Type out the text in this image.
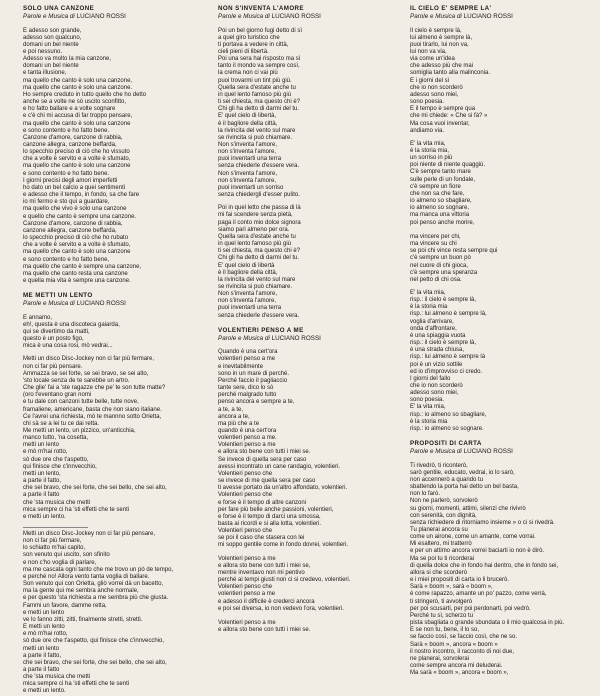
SOLO UNA CANZONE
Parole e Musica di LUCIANO ROSSI
E adesso son grande,
adesso son qualcuno,
domani un bel niente
e poi nessuno.
Adesso va molto la mia canzone,
domani un bel niente
e tanta illusione,
ma quello che canto è solo una canzone,
ma quello che canto è solo una canzone.
Ho sempre creduto in tutto quello che ho detto
anche se a volte ne sò uscito sconfitto,
e ho fatto ballare e a volte sognare
e c'è chi mi accusa di far troppo pensare,
ma quello che canto è solo una canzone
e sono contento e ho fatto bene.
Canzone d'amore, canzone di rabbia,
canzone allegra, canzone beffarda,
lo specchio preciso di ciò che ho vissuto
che a volte è servito e a volte è sfumato,
ma quello che canto è solo una canzone
e sono contento e ho fatto bene.
I giorni precisi degli amori imperfetti
ho dato un bel calcio a quei sentimenti
e adesso che il tempo, in fondo, sa che fare
io mi fermo e sto qui a guardare,
ma quello che vivo è solo una canzone
e quello che canto è sempre una canzone.
Canzone d'amore, canzone di rabbia,
canzone allegra, canzone beffarda,
lo specchio preciso di ciò che ho rubato
che a volte è servito e a volte è sfumato,
ma quello che canto è solo una canzone
e sono contento e ho fatto bene,
ma quello che canto è sempre una canzone,
ma quello che canto resta una canzone
e quella mia vita è sempre una canzone.
ME METTI UN LENTO
Parole e Musica di LUCIANO ROSSI
E annamo,
eh!, questa è una discoteca gaiarda,
qui se divertimo da matti,
questo è un posto figo,
mica è una cosa rosi, mò vedrai...
Metti un disco Disc-Jockey non ci far più fermare,
non ci far più pensare.
Ammazza se sei forte, se sei bravo, se sei alto,
'sto locale senza de te sarebbe un artro.
Che glie' fai a 'ste ragazze che pe' te son tutte matte?
(oro t'eventano gran nomi
e tu dale con canzoni tutte belle, tutte nove,
framaliene, americane, basta che non siano italiane.
Ce l'avrei una richiesta, mò te mannno sotto Orietta,
chi sà se a lei tu ce dai retta.
Me metti un lento, un pizzico, un'anticchia,
manco tutto, 'na cosetta,
metti un lento
e mò m'hai rotto,
sò due ore che t'aspetto,
qui finisce che c'innvecchio,
metti un lento,
a parte il fatto,
che sei bravo, che sei forte, che sei bello, che sei alto,
a parte il fatto
che 'sta musica che metti
mica sempre ci ha 'sti effetti che te senti
e metti un lento.
Metti un disco Disc-Jockey non ci far più pensare,
non ci far più fermare,
lo schiatto m'hai capito,
son venuto qui uscito, son sfinito
e non c'ho voglia di parlare,
ma me cascata ogni tanto che me trovo un pò de tempo,
e perché no! Allora vento tanta voglia di ballare.
Son venuto qui con Orietta, gliò vorrei dà un bacetto,
ma la gente qui me sembra anche normale,
e per questo 'sta richiesta a me sembra più che giusta.
Fammi un favore, damme retta,
e metti un lento
ve lo fanno zitti, zitti, finalmente stretti, stretti.
E metti un lento
e mò m'hai rotto,
sò due ore che t'aspetto, qui finisce che c'innvecchio,
metti un lento
a parte il fatto,
che sei bravo, che sei forte, che sei bello, che sei alto,
a parte il fatto
che 'sta musica che metti
mica sempre ci ha 'sti effetti che te senti
e metti un lento.
NON S'INVENTA L'AMORE
Parole e Musica di LUCIANO ROSSI
Poi un bel giorno fugi detto di sì
a quel giro turistico che
ti portava a vedere in città,
cieli pieni di libertà.
Poi una sera hai risposto ma sì
tanto il mondo va sempre così,
la crema non ci vai più
puoi trovarmi un tint più giù.
Quella sera d'estate anche tu
in quel lento famoso più giù
ti sei chiesta, ma questo chi è?
Chi gli ha detto di darmi del tu.
E' quel cielo di libertà,
è il bagliore della città,
la rivincita del vento sul mare
se rivincita si può chiamare.
Non s'inventa l'amore,
non s'inventa l'amore,
puoi inventarti una terra
senza chiederle d'essere vera.
Non s'inventa l'amore,
non s'inventa l'amore,
puoi inventarti un sorriso
senza chiedergli d'esser pulito.
Poi in quel letto che passa di là
mi fai scendere senza pietà,
paga il conto mio dolce signora
siamo pari almeno per ora.
Quella sera d'estate anche tu
in quel lento famoso più giù
ti sei chiesta, ma questo chi è?
Chi gli ha detto di darmi del tu.
E' quel cielo di libertà
è il bagliore della città,
la rivincita del vento sul mare
se rivincita si può chiamare.
Non s'inventa l'amore,
non s'inventa l'amore,
puoi inventarti una terra
senza chiederle d'essere vera.
VOLENTIERI PENSO A ME
Parole e Musica di LUCIANO ROSSI
Quando è una cert'ora
volentieri penso a me
e inevitabilmente
sono in un mare di perché.
Perché faccio il pagliaccio
tante sere, dico lo sò
perché malgrado tutto
penso ancora e sempre a te,
a te, a te,
ancora a te,
ma più che a te
quando è una cert'ora
volentieri penso a me.
Volentieri penso a me
e allora sto bene con tutti i miei se.
Se invece di quella sera per caso
avessi incontrato un cane randagio, volentieri.
Volentieri penso che
se invece di me quella sera per caso
ti avesse portato da un'altro affondato, volentieri.
Volentieri penso che
e forse è il tempo di altre canzoni
per fare più belle anche passioni, volentieri,
e forse è il tempo di darci una smossa,
basta ai ricordi e si alla lotta, volentieri.
Volentieri penso che
se poi il caso che stasera con lei
mi soppo gentile come in fondo dovrei, volentieri.
Volentieri penso a me
e allora sto bene con tutti i miei se,
mentre inventavo non mi pentivo
perché ai tempi giusti non ci si credevo, volentieri.
Volentieri penso che
volentieri penso a me
e adesso il difficile è crederci ancora
e poi sei diversa, io non vedevo l'ora, volentieri.

Volentieri penso a me
e allora sto bene con tutti i miei se.
IL CIELO E' SEMPRE LA'
Parole e Musica di LUCIANO ROSSI
Il cielo è sempre là,
lui almeno è sempre là,
puoi tirarlo, lui non va,
lui non va via,
via come un'idea
che adesso più che mai
somiglia tanto alla malinconia.
E i giorni del sì
che io non scorderò
adesso sono miei,
sono poesia.
E il tempo è sempre qua
che mi chiede: « Che si fà? »
Ma cosa vuoi inventar,
andiamo via.
E' la vita mia,
è la storia mia,
un sorriso in più
poi niente di niente quaggiù.
C'è sempre tanto mare
sulle perle di un fondale,
c'è sempre un fiore
che non sa che fare,
io almeno so sbagliare,
io almeno so sognare,
ma manca una vittoria
poi penso anche morire,

ma vincere per chi,
ma vincere su chi
se poi chi vince resta sempre qui
c'è sempre un buon pò
nel cuore di chi gioca,
c'è sempre una speranza
nel petto di chi osa.
E' la vita mia,
risp.: il cielo è sempre là,
è la storia mia
risp.: lui almeno è sempre là,
voglia d'arrivare,
onda d'affrontare,
è una spiaggia vuota
risp.: il cielo è sempre là,
è una strada chiusa,
risp.: lui almeno è sempre là
poi è un vizio sottile
ed io d'improvviso ci credo.
I giorni del fallo
che io non scorderò
adesso sono miei,
sono poesia.
E' la vita mia,
risp.: io almeno so sbagliare,
è la storia mia
risp.: io almeno so sognare.
PROPOSITI DI CARTA
Parole e Musica di LUCIANO ROSSI
Ti rivedrò, ti riconterò,
sarò gentile, educato, vedrai, io lo sarò,
non accennerò a quando tu
sbattendo la porta hai detto un bel basta,
non lo farò.
Non ne parlerò, sorvolerò
su giorni, momenti, attimi, silenzi che rivivrò
con serenità, con dignità,
senza richiedere di ritorniamo insieme » o ci si rivedrà.
Tu planerai ancora su
come un airone, come un amante, come vorrai.
Mi esaltero, mi tratterrò
e per un attimo ancora vorrei baciarti io non è dirò.
Ma se poi tu ti ricorderai
di quella dolce che in fondo hai dentro, che in fondo sei,
allora si che scorderò
e i miei propositi di carta io li brucerò.
Sarà « boom », sarà « boom »,
è come rapazzo, amante un po' pazzo, come verrà,
ti stringerò, ti avvolgerò
per poi scusarti, per poi perdonarti, poi vedrò.
Perché tu sì, scherzo tu
pista sbagliata o grande sbundata o il mio qualcosa in più.
E se non tu, bene, il lo so,
se faccio così, se faccio così, che ne so.
Sarà « boom », ancora « boom »
il nostro incontro, il racconto di noi due,
ne planerai, sorvolerai
come sempre ancora mi deluderai.
Ma sarà « boom », ancora « boom »,
